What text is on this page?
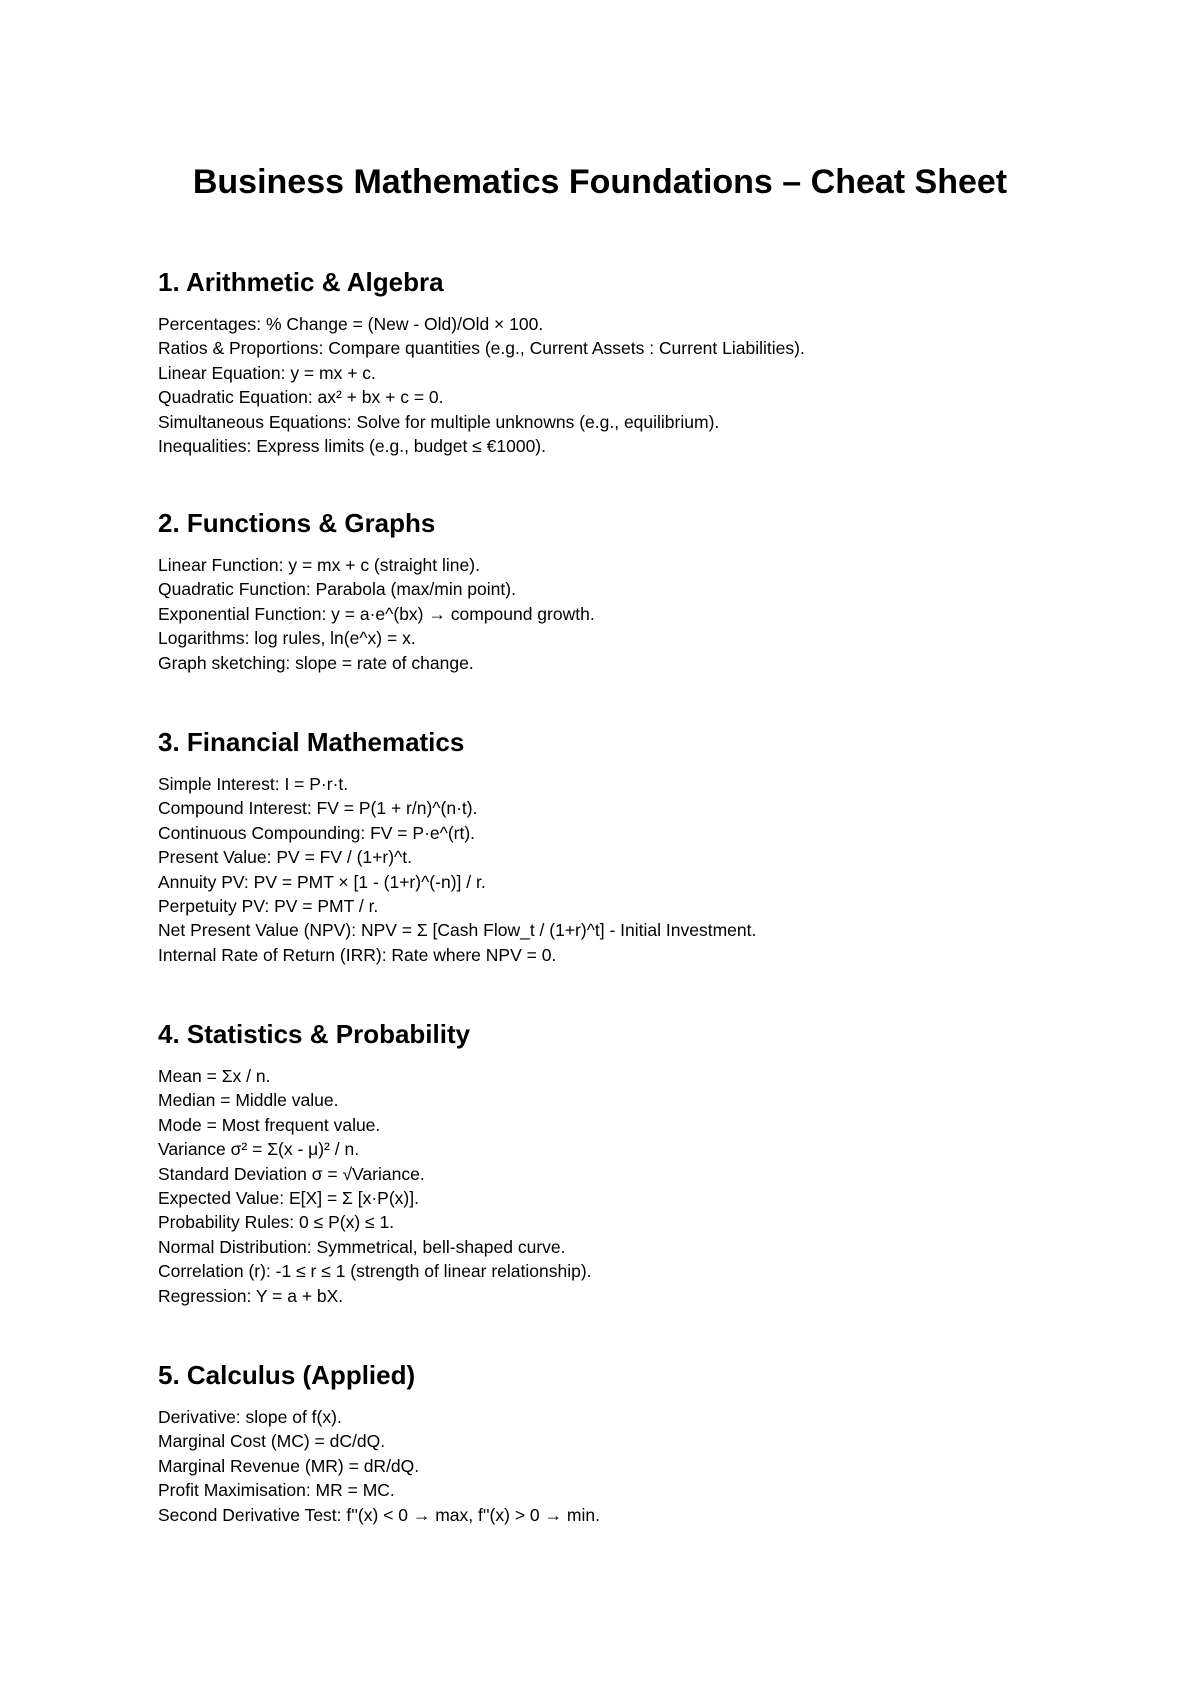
Business Mathematics Foundations – Cheat Sheet
1. Arithmetic & Algebra
Percentages: % Change = (New - Old)/Old × 100.
Ratios & Proportions: Compare quantities (e.g., Current Assets : Current Liabilities).
Linear Equation: y = mx + c.
Quadratic Equation: ax² + bx + c = 0.
Simultaneous Equations: Solve for multiple unknowns (e.g., equilibrium).
Inequalities: Express limits (e.g., budget ≤ €1000).
2. Functions & Graphs
Linear Function: y = mx + c (straight line).
Quadratic Function: Parabola (max/min point).
Exponential Function: y = a·e^(bx) → compound growth.
Logarithms: log rules, ln(e^x) = x.
Graph sketching: slope = rate of change.
3. Financial Mathematics
Simple Interest: I = P·r·t.
Compound Interest: FV = P(1 + r/n)^(n·t).
Continuous Compounding: FV = P·e^(rt).
Present Value: PV = FV / (1+r)^t.
Annuity PV: PV = PMT × [1 - (1+r)^(-n)] / r.
Perpetuity PV: PV = PMT / r.
Net Present Value (NPV): NPV = Σ [Cash Flow_t / (1+r)^t] - Initial Investment.
Internal Rate of Return (IRR): Rate where NPV = 0.
4. Statistics & Probability
Mean = Σx / n.
Median = Middle value.
Mode = Most frequent value.
Variance σ² = Σ(x - μ)² / n.
Standard Deviation σ = √Variance.
Expected Value: E[X] = Σ [x·P(x)].
Probability Rules: 0 ≤ P(x) ≤ 1.
Normal Distribution: Symmetrical, bell-shaped curve.
Correlation (r): -1 ≤ r ≤ 1 (strength of linear relationship).
Regression: Y = a + bX.
5. Calculus (Applied)
Derivative: slope of f(x).
Marginal Cost (MC) = dC/dQ.
Marginal Revenue (MR) = dR/dQ.
Profit Maximisation: MR = MC.
Second Derivative Test: f''(x) < 0 → max, f''(x) > 0 → min.
